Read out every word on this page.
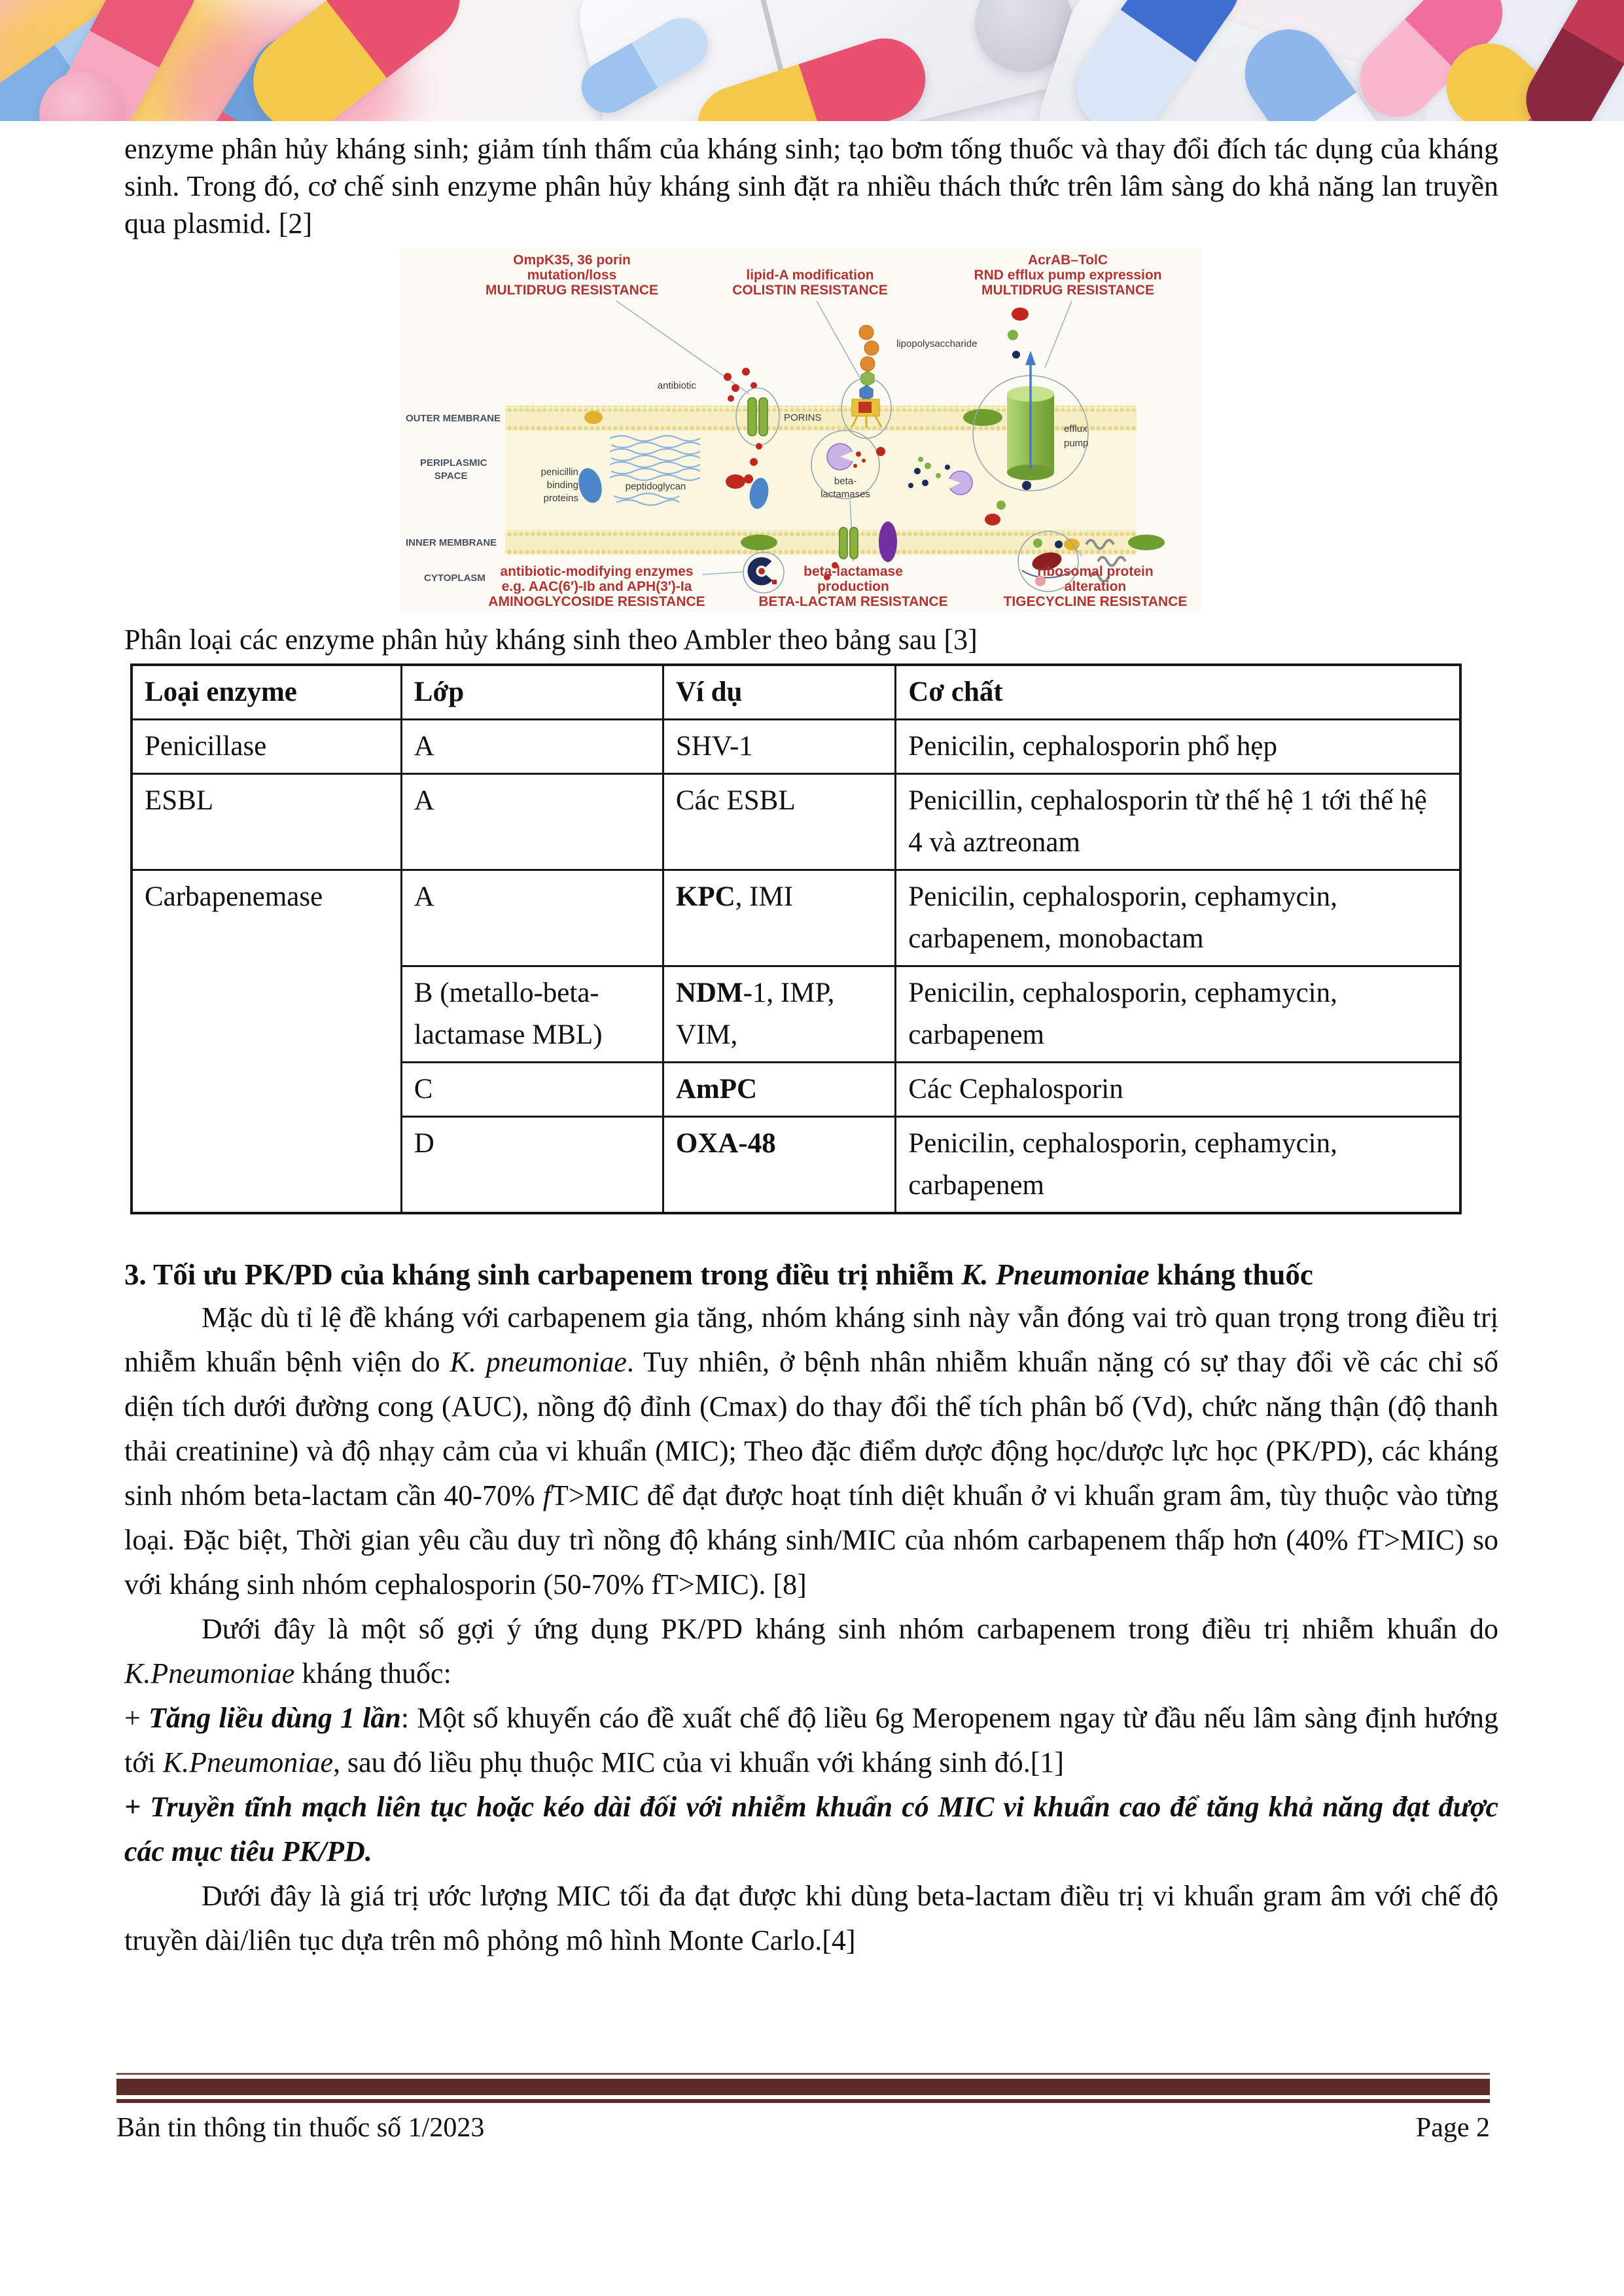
enzyme phân hủy kháng sinh; giảm tính thấm của kháng sinh; tạo bơm tống thuốc và thay đổi đích tác dụng của kháng sinh. Trong đó, cơ chế sinh enzyme phân hủy kháng sinh đặt ra nhiều thách thức trên lâm sàng do khả năng lan truyền qua plasmid. [2]

OUTER MEMBRANE
PERIPLASMIC
SPACE
INNER MEMBRANE
CYTOPLASM
OmpK35, 36 porin
mutation/loss
MULTIDRUG RESISTANCE
lipid-A modification
COLISTIN RESISTANCE
AcrAB–TolC
RND efflux pump expression
MULTIDRUG RESISTANCE
antibiotic
PORINS
lipopolysaccharide
efflux
pump
peptidoglycan
penicillin
binding
proteins
beta-
lactamases
antibiotic-modifying enzymes
e.g. AAC(6′)-Ib and APH(3′)-Ia
AMINOGLYCOSIDE RESISTANCE
beta-lactamase
production
BETA-LACTAM RESISTANCE
ribosomal protein
alteration
TIGECYCLINE RESISTANCE

Phân loại các enzyme phân hủy kháng sinh theo Ambler theo bảng sau [3]

Loại enzyme	Lớp	Ví dụ	Cơ chất
Penicillase	A	SHV-1	Penicilin, cephalosporin phổ hẹp
ESBL	A	Các ESBL	Penicillin, cephalosporin từ thế hệ 1 tới thế hệ 4 và aztreonam
Carbapenemase	A	KPC, IMI	Penicilin, cephalosporin, cephamycin, carbapenem, monobactam
	B (metallo-beta-lactamase MBL)	NDM-1, IMP, VIM,	Penicilin, cephalosporin, cephamycin, carbapenem
	C	AmPC	Các Cephalosporin
	D	OXA-48	Penicilin, cephalosporin, cephamycin, carbapenem
3. Tối ưu PK/PD của kháng sinh carbapenem trong điều trị nhiễm K. Pneumoniae kháng thuốc

Mặc dù tỉ lệ đề kháng với carbapenem gia tăng, nhóm kháng sinh này vẫn đóng vai trò quan trọng trong điều trị nhiễm khuẩn bệnh viện do K. pneumoniae. Tuy nhiên, ở bệnh nhân nhiễm khuẩn nặng có sự thay đổi về các chỉ số diện tích dưới đường cong (AUC), nồng độ đỉnh (Cmax) do thay đổi thể tích phân bố (Vd), chức năng thận (độ thanh thải creatinine) và độ nhạy cảm của vi khuẩn (MIC); Theo đặc điểm dược động học/dược lực học (PK/PD), các kháng sinh nhóm beta-lactam cần 40-70% fT>MIC để đạt được hoạt tính diệt khuẩn ở vi khuẩn gram âm, tùy thuộc vào từng loại. Đặc biệt, Thời gian yêu cầu duy trì nồng độ kháng sinh/MIC của nhóm carbapenem thấp hơn (40% fT>MIC) so với kháng sinh nhóm cephalosporin (50-70% fT>MIC). [8]

Dưới đây là một số gợi ý ứng dụng PK/PD kháng sinh nhóm carbapenem trong điều trị nhiễm khuẩn do K.Pneumoniae kháng thuốc:

+ Tăng liều dùng 1 lần: Một số khuyến cáo đề xuất chế độ liều 6g Meropenem ngay từ đầu nếu lâm sàng định hướng tới K.Pneumoniae, sau đó liều phụ thuộc MIC của vi khuẩn với kháng sinh đó.[1]

+ Truyền tĩnh mạch liên tục hoặc kéo dài đối với nhiễm khuẩn có MIC vi khuẩn cao để tăng khả năng đạt được các mục tiêu PK/PD.

Dưới đây là giá trị ước lượng MIC tối đa đạt được khi dùng beta-lactam điều trị vi khuẩn gram âm với chế độ truyền dài/liên tục dựa trên mô phỏng mô hình Monte Carlo.[4]

Bản tin thông tin thuốc số 1/2023	Page 2
